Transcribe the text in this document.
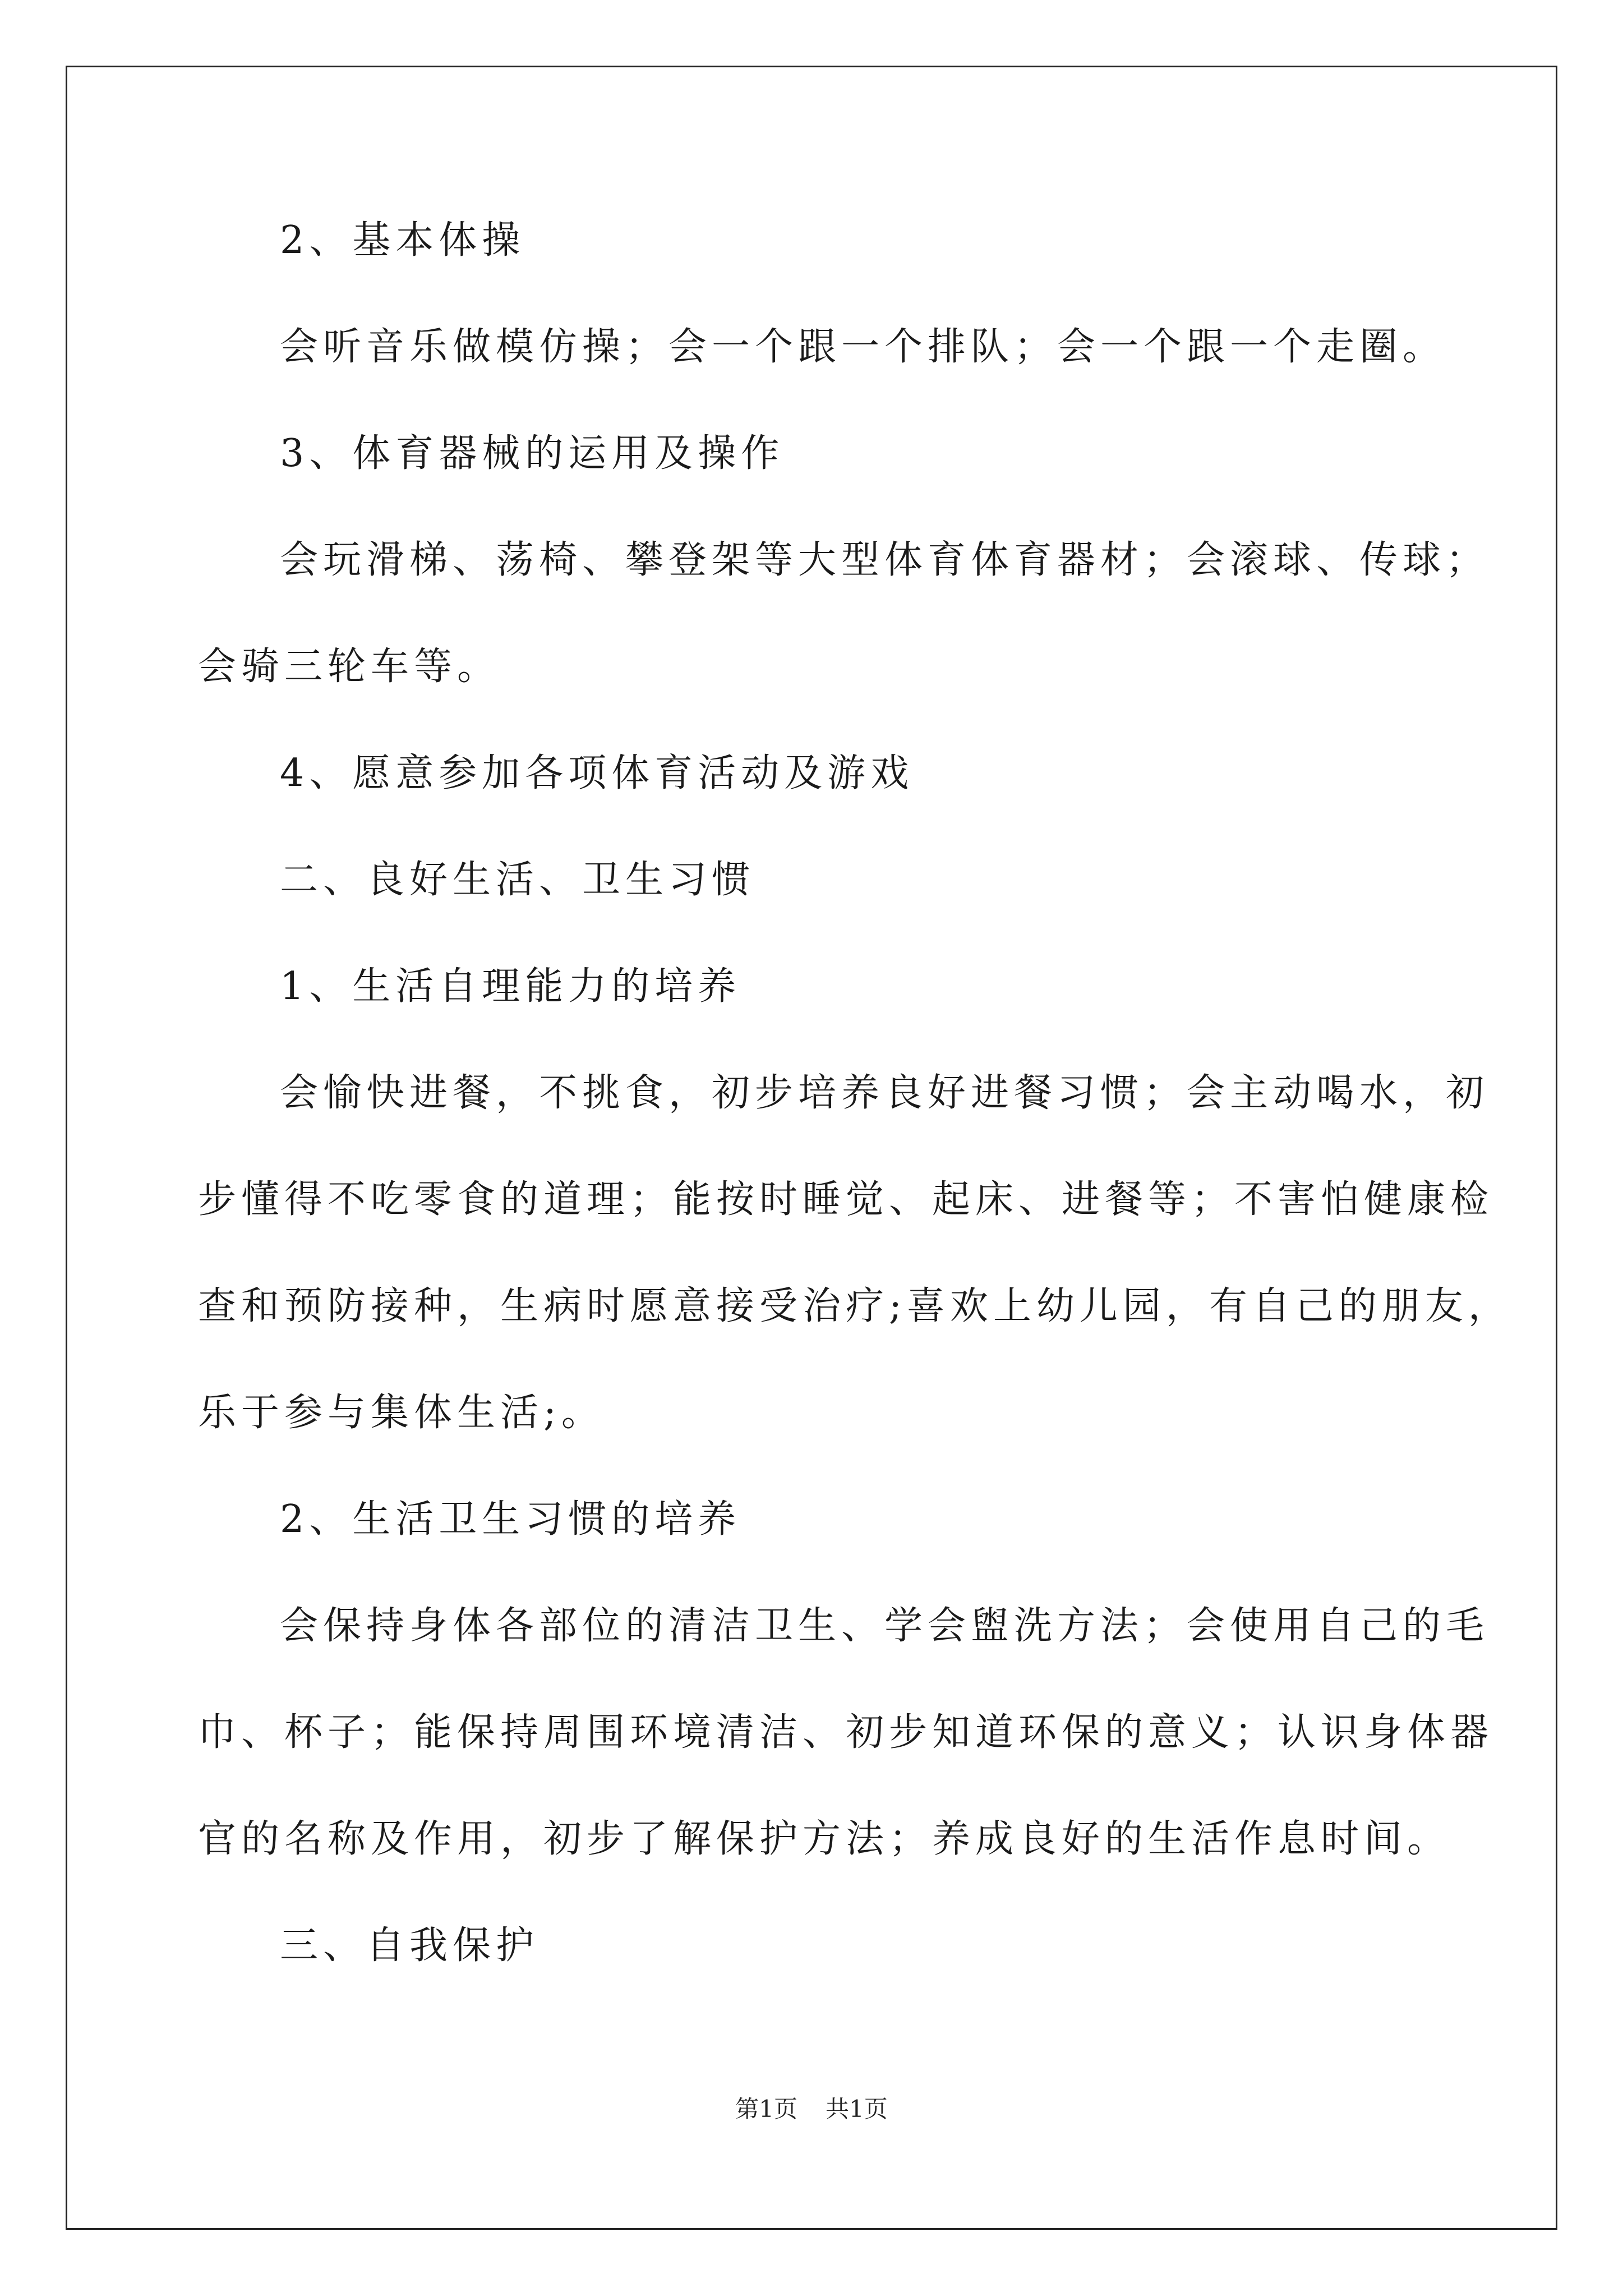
2、基本体操

会听音乐做模仿操；会一个跟一个排队；会一个跟一个走圈。

3、体育器械的运用及操作

会玩滑梯、荡椅、攀登架等大型体育体育器材；会滚球、传球；

会骑三轮车等。

4、愿意参加各项体育活动及游戏

二、良好生活、卫生习惯

1、生活自理能力的培养

会愉快进餐，不挑食，初步培养良好进餐习惯；会主动喝水，初

步懂得不吃零食的道理；能按时睡觉、起床、进餐等；不害怕健康检

查和预防接种，生病时愿意接受治疗;喜欢上幼儿园，有自己的朋友，

乐于参与集体生活;。

2、生活卫生习惯的培养

会保持身体各部位的清洁卫生、学会盥洗方法；会使用自己的毛

巾、杯子；能保持周围环境清洁、初步知道环保的意义；认识身体器

官的名称及作用，初步了解保护方法；养成良好的生活作息时间。

三、自我保护

第1页 共1页
